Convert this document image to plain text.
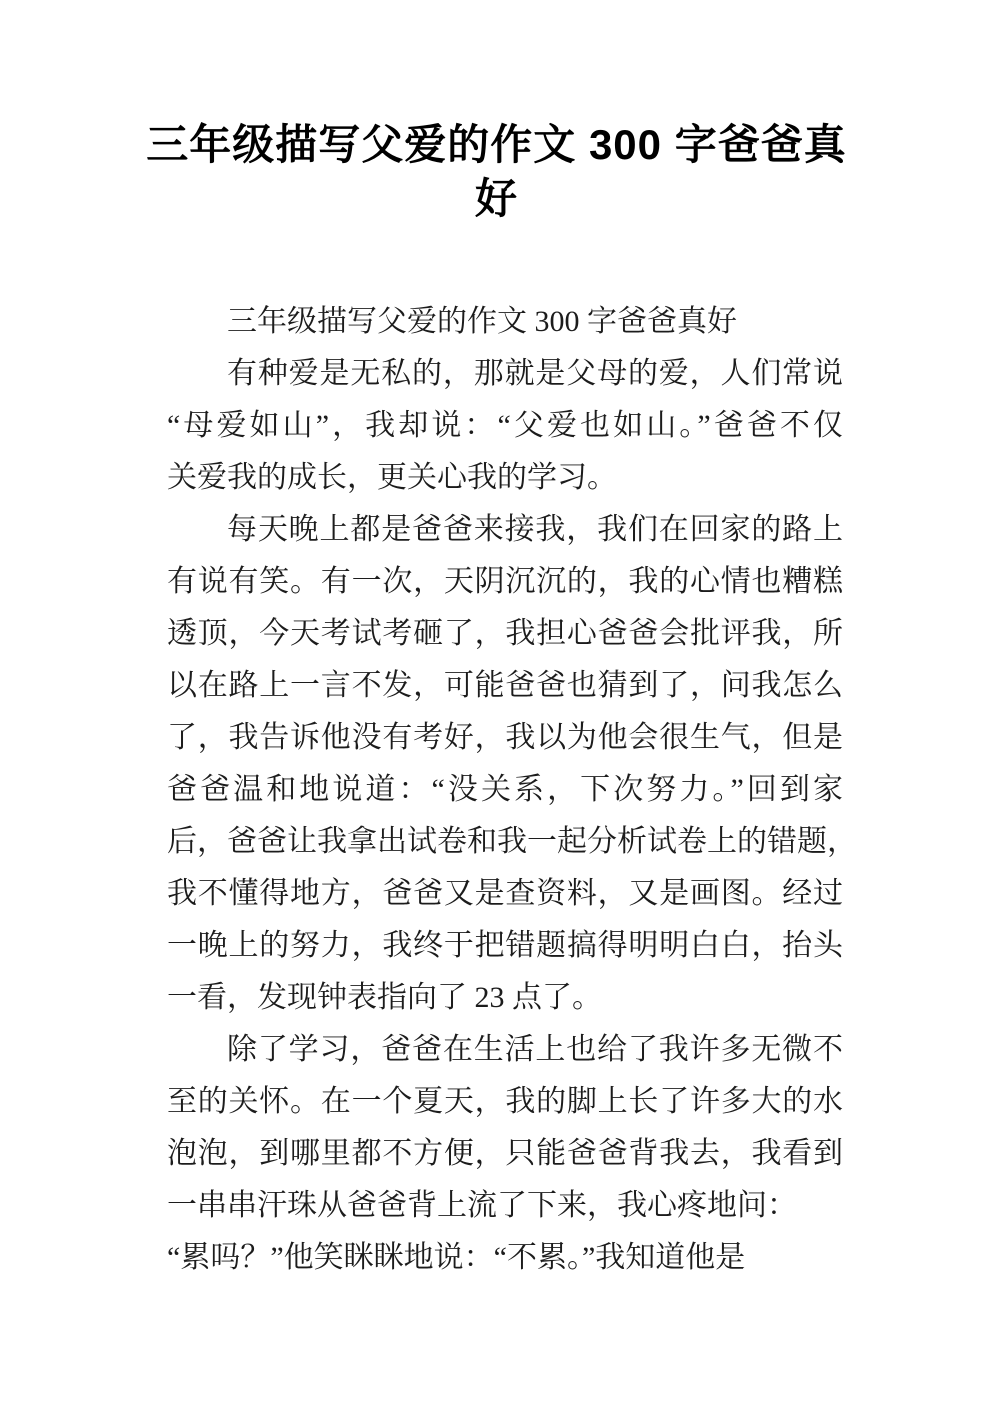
三年级描写父爱的作文 300 字爸爸真
好
三年级描写父爱的作文 300 字爸爸真好
有种爱是无私的，那就是父母的爱，人们常说
“母爱如山”，我却说：“父爱也如山。”爸爸不仅
关爱我的成长，更关心我的学习。
每天晚上都是爸爸来接我，我们在回家的路上
有说有笑。有一次，天阴沉沉的，我的心情也糟糕
透顶，今天考试考砸了，我担心爸爸会批评我，所
以在路上一言不发，可能爸爸也猜到了，问我怎么
了，我告诉他没有考好，我以为他会很生气，但是
爸爸温和地说道：“没关系，下次努力。”回到家
后，爸爸让我拿出试卷和我一起分析试卷上的错题，
我不懂得地方，爸爸又是查资料，又是画图。经过
一晚上的努力，我终于把错题搞得明明白白，抬头
一看，发现钟表指向了 23 点了。
除了学习，爸爸在生活上也给了我许多无微不
至的关怀。在一个夏天，我的脚上长了许多大的水
泡泡，到哪里都不方便，只能爸爸背我去，我看到
一串串汗珠从爸爸背上流了下来，我心疼地问：
“累吗？”他笑眯眯地说：“不累。”我知道他是
